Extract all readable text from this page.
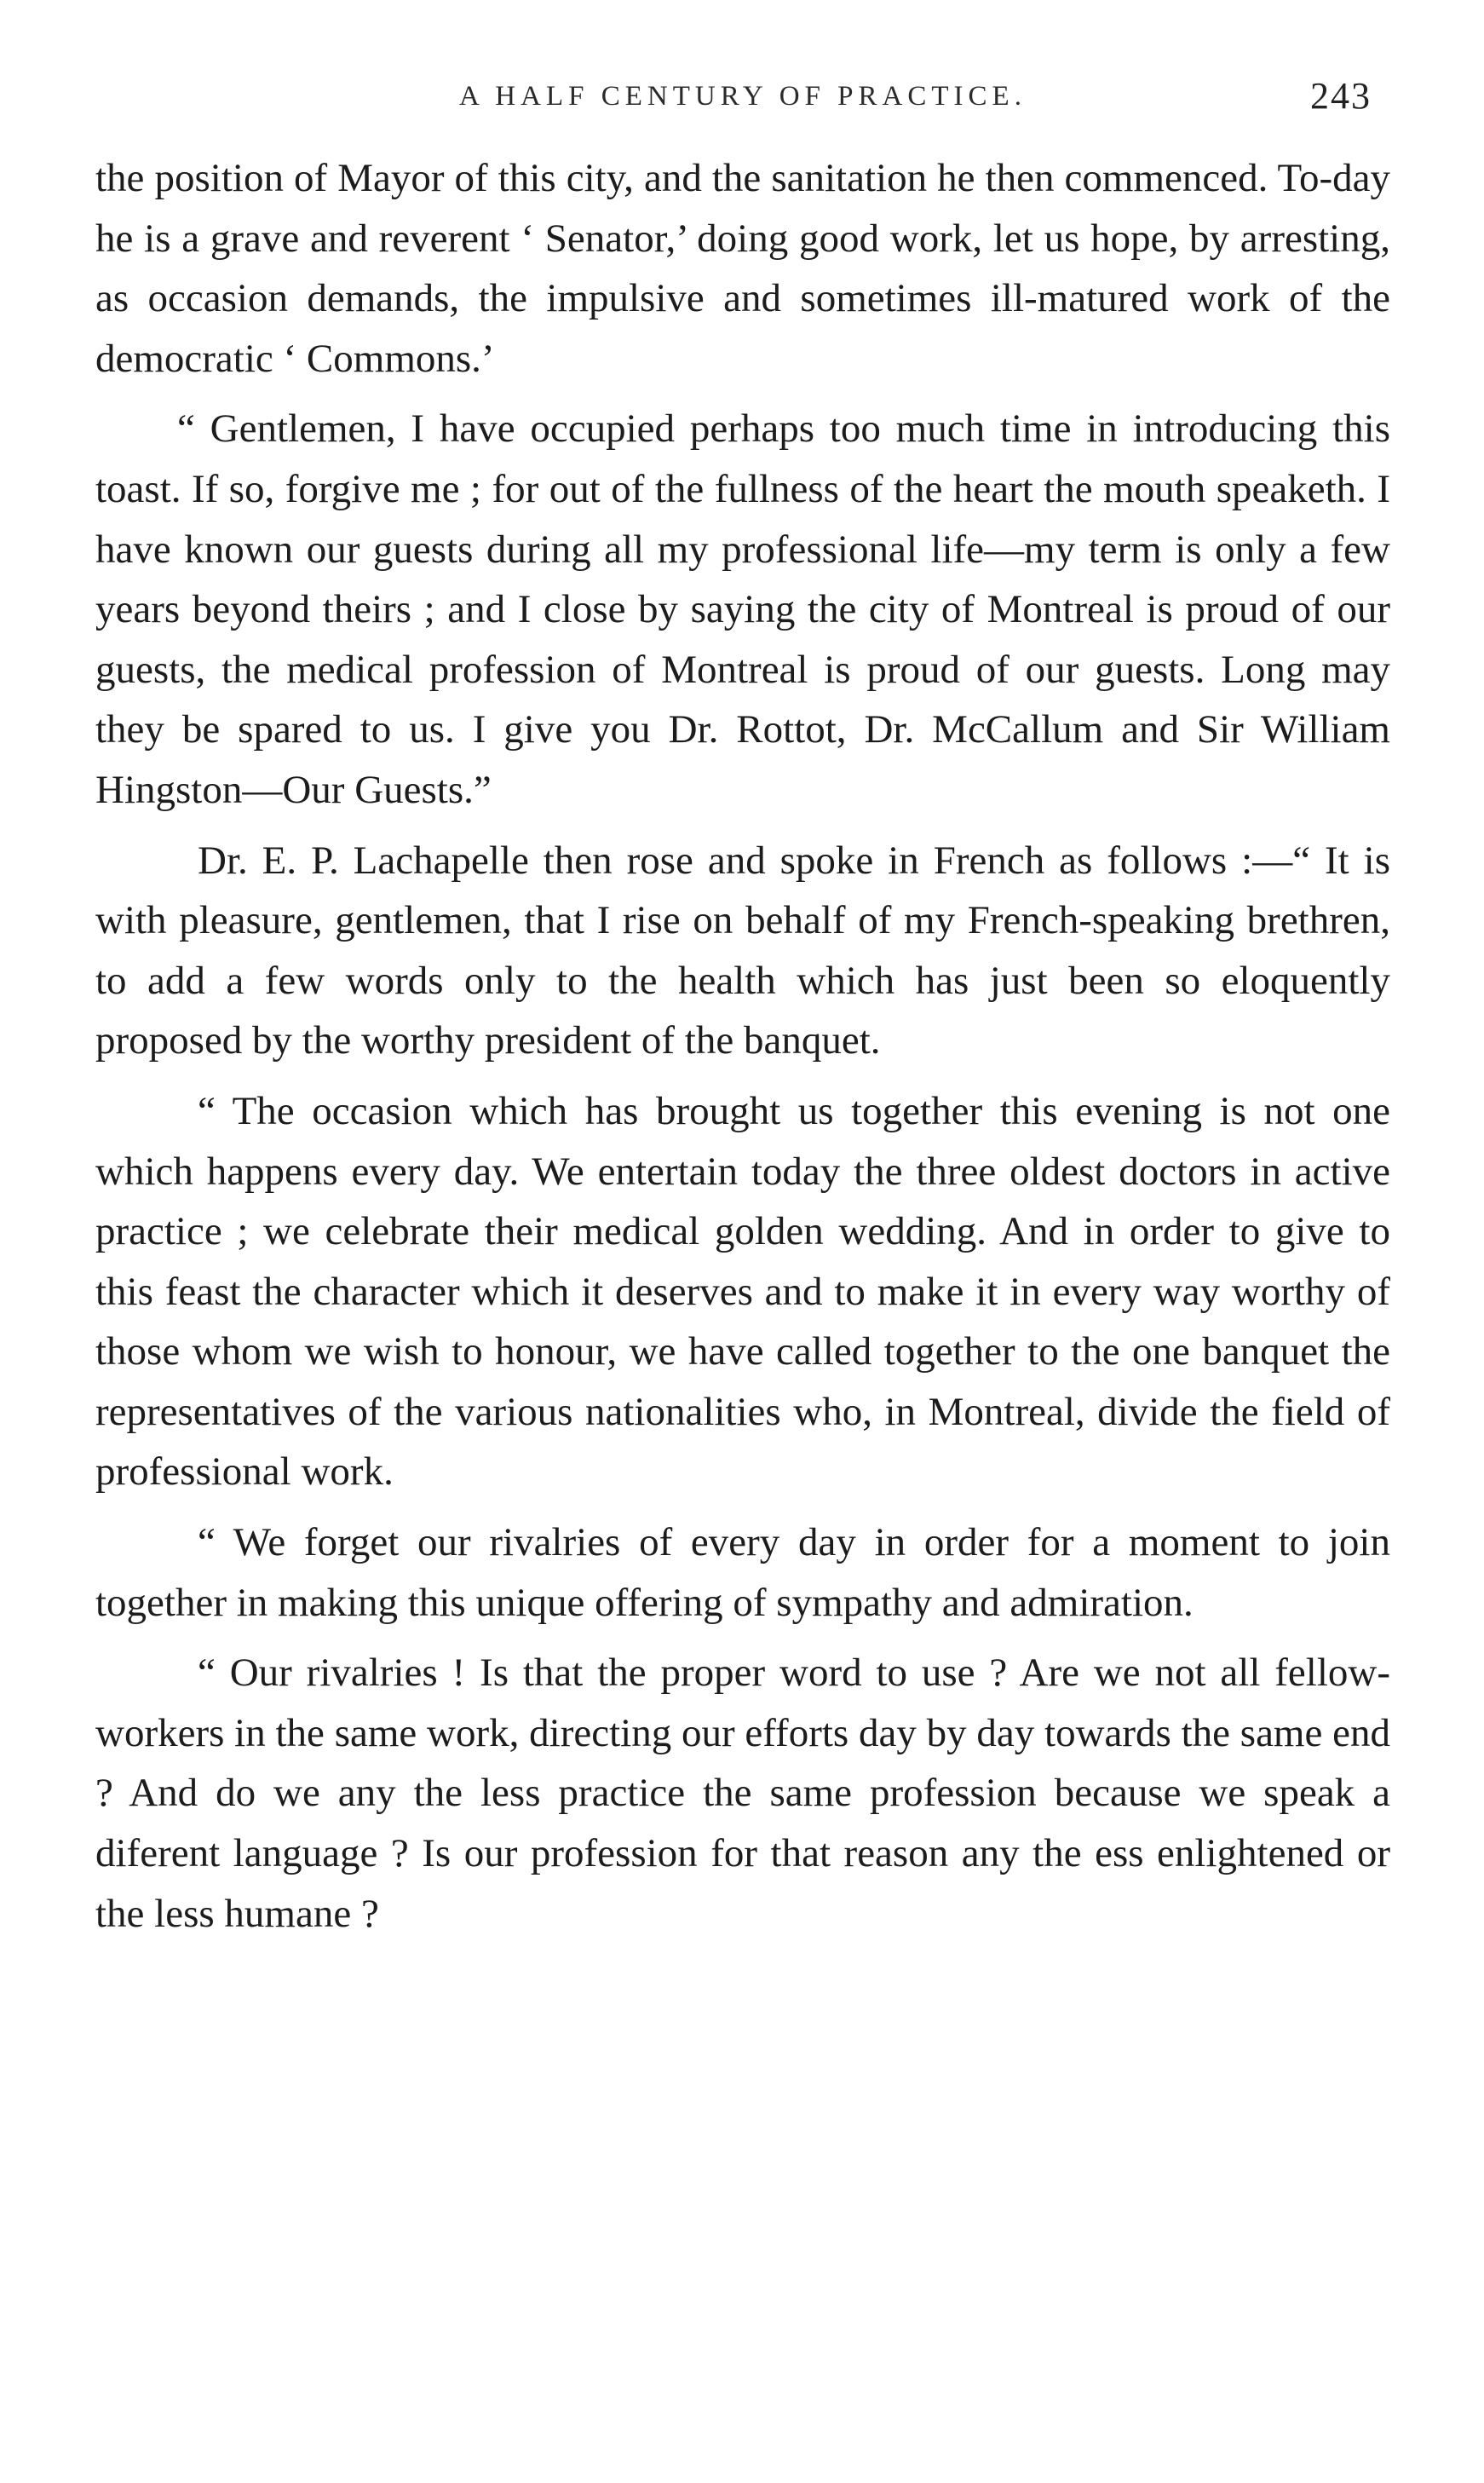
A HALF CENTURY OF PRACTICE.	243

the position of Mayor of this city, and the sanitation he then commenced. To-day he is a grave and reverent ‘ Senator,’ doing good work, let us hope, by arresting, as occasion demands, the impulsive and sometimes ill-matured work of the democratic ‘ Commons.’

“ Gentlemen, I have occupied perhaps too much time in introducing this toast. If so, forgive me ; for out of the fullness of the heart the mouth speaketh. I have known our guests during all my professional life—my term is only a few years beyond theirs ; and I close by saying the city of Montreal is proud of our guests, the medical profession of Montreal is proud of our guests. Long may they be spared to us. I give you Dr. Rottot, Dr. McCallum and Sir William Hingston—Our Guests.”

Dr. E. P. Lachapelle then rose and spoke in French as follows :—“ It is with pleasure, gentlemen, that I rise on behalf of my French-speaking brethren, to add a few words only to the health which has just been so eloquently proposed by the worthy president of the banquet.

“ The occasion which has brought us together this evening is not one which happens every day. We entertain today the three oldest doctors in active practice ; we celebrate their medical golden wedding. And in order to give to this feast the character which it deserves and to make it in every way worthy of those whom we wish to honour, we have called together to the one banquet the representatives of the various nationalities who, in Montreal, divide the field of professional work.

“ We forget our rivalries of every day in order for a moment to join together in making this unique offering of sympathy and admiration.

“ Our rivalries ! Is that the proper word to use ? Are we not all fellow-workers in the same work, directing our efforts day by day towards the same end ? And do we any the less practice the same profession because we speak a diferent language ? Is our profession for that reason any the ess enlightened or the less humane ?
